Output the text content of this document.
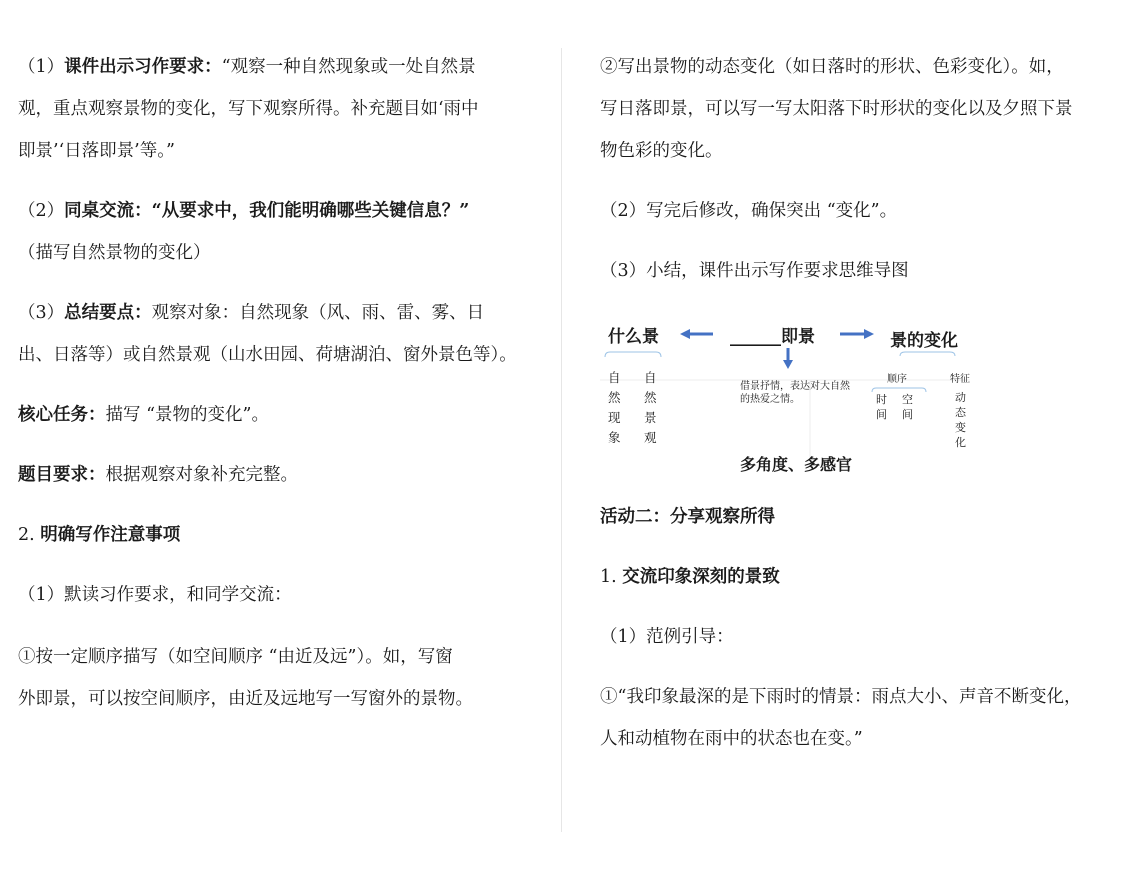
（1）课件出示习作要求：“观察一种自然现象或一处自然景
观，重点观察景物的变化，写下观察所得。补充题目如‘雨中
即景’‘日落即景’等。”
（2）同桌交流：“从要求中，我们能明确哪些关键信息？”
（描写自然景物的变化）
（3）总结要点：观察对象：自然现象（风、雨、雷、雾、日
出、日落等）或自然景观（山水田园、荷塘湖泊、窗外景色等）。
核心任务：描写 “景物的变化”。
题目要求：根据观察对象补充完整。
2. 明确写作注意事项
（1）默读习作要求，和同学交流：
①按一定顺序描写（如空间顺序 “由近及远”）。如，写窗
外即景，可以按空间顺序，由近及远地写一写窗外的景物。
②写出景物的动态变化（如日落时的形状、色彩变化）。如，
写日落即景，可以写一写太阳落下时形状的变化以及夕照下景
物色彩的变化。
（2）写完后修改，确保突出 “变化”。
（3）小结，课件出示写作要求思维导图
什么景	______即景	景的变化
自然现象
自然景观
借景抒情，表达对大自然的热爱之情。
顺序	特征
时间
空间
动态变化
多角度、多感官
活动二：分享观察所得
1. 交流印象深刻的景致
（1）范例引导：
①“我印象最深的是下雨时的情景：雨点大小、声音不断变化，
人和动植物在雨中的状态也在变。”
